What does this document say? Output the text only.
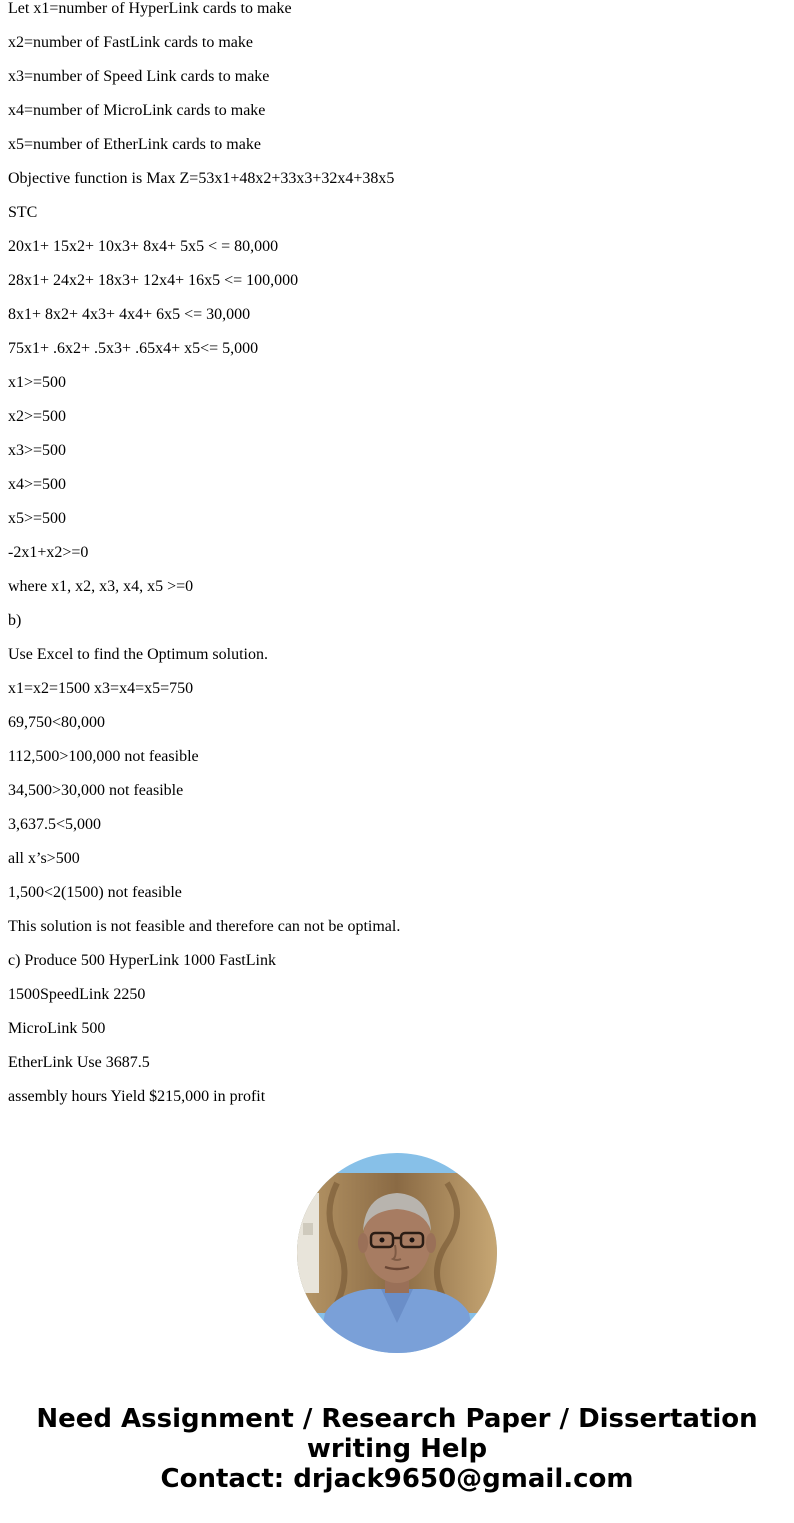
Let x1=number of HyperLink cards to make
x2=number of FastLink cards to make
x3=number of Speed Link cards to make
x4=number of MicroLink cards to make
x5=number of EtherLink cards to make
Objective function is Max Z=53x1+48x2+33x3+32x4+38x5
STC
20x1+ 15x2+ 10x3+ 8x4+ 5x5 < = 80,000
28x1+ 24x2+ 18x3+ 12x4+ 16x5 <= 100,000
8x1+ 8x2+ 4x3+ 4x4+ 6x5 <= 30,000
75x1+ .6x2+ .5x3+ .65x4+ x5<= 5,000
x1>=500
x2>=500
x3>=500
x4>=500
x5>=500
-2x1+x2>=0
where x1, x2, x3, x4, x5 >=0
b)
Use Excel to find the Optimum solution.
x1=x2=1500 x3=x4=x5=750
69,750<80,000
112,500>100,000 not feasible
34,500>30,000 not feasible
3,637.5<5,000
all x’s>500
1,500<2(1500) not feasible
This solution is not feasible and therefore can not be optimal.
c) Produce 500 HyperLink 1000 FastLink
1500SpeedLink 2250
MicroLink 500
EtherLink Use 3687.5
assembly hours Yield $215,000 in profit
Need Assignment / Research Paper / Dissertation
writing Help
Contact: drjack9650@gmail.com
